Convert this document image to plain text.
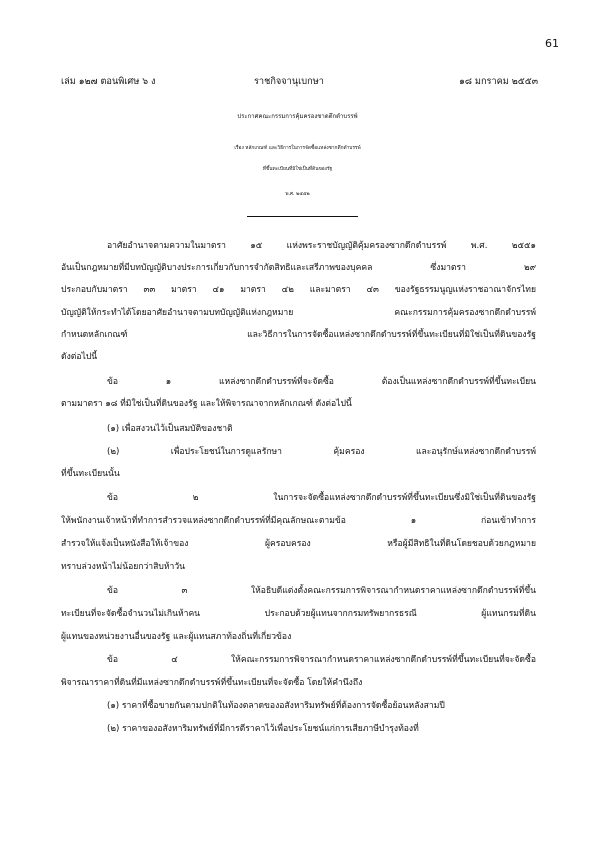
61
เล่ม ๑๒๗ ตอนพิเศษ ๖ ง	ราชกิจจานุเบกษา	๑๘ มกราคม ๒๕๕๓
ประกาศคณะกรรมการคุ้มครองชาดตึกดำบรรพ์
เรื่อง หลักเกณฑ์ และวิธีการในการจัดซื้อแหล่งซากดึกดำบรรพ์
ที่ขึ้นทะเบียนที่มิใช่เป็นที่ดินของรัฐ
พ.ศ. ๒๕๕๒
อาศัยอำนาจตามความในมาตรา ๑๕ แห่งพระราชบัญญัติคุ้มครองซากดึกดำบรรพ์ พ.ศ. ๒๕๕๑
อันเป็นกฎหมายที่มีบทบัญญัติบางประการเกี่ยวกับการจำกัดสิทธิและเสรีภาพของบุคคล ซึ่งมาตรา ๒๙
ประกอบกับมาตรา ๓๓ มาตรา ๔๑ มาตรา ๔๒ และมาตรา ๔๓ ของรัฐธรรมนูญแห่งราชอาณาจักรไทย
บัญญัติให้กระทำได้โดยอาศัยอำนาจตามบทบัญญัติแห่งกฎหมาย คณะกรรมการคุ้มครองซากดึกดำบรรพ์
กำหนดหลักเกณฑ์ และวิธีการในการจัดซื้อแหล่งซากดึกดำบรรพ์ที่ขึ้นทะเบียนที่มิใช่เป็นที่ดินของรัฐ
ดังต่อไปนี้
ข้อ ๑ แหล่งซากดึกดำบรรพ์ที่จะจัดซื้อ ต้องเป็นแหล่งซากดึกดำบรรพ์ที่ขึ้นทะเบียน
ตามมาตรา ๑๘ ที่มิใช่เป็นที่ดินของรัฐ และให้พิจารณาจากหลักเกณฑ์ ดังต่อไปนี้
(๑) เพื่อสงวนไว้เป็นสมบัติของชาติ
(๒) เพื่อประโยชน์ในการดูแลรักษา คุ้มครอง และอนุรักษ์แหล่งซากดึกดำบรรพ์
ที่ขึ้นทะเบียนนั้น
ข้อ ๒ ในการจะจัดซื้อแหล่งซากดึกดำบรรพ์ที่ขึ้นทะเบียนซึ่งมิใช่เป็นที่ดินของรัฐ
ให้พนักงานเจ้าหน้าที่ทำการสำรวจแหล่งซากดึกดำบรรพ์ที่มีคุณลักษณะตามข้อ ๑ ก่อนเข้าทำการ
สำรวจให้แจ้งเป็นหนังสือให้เจ้าของ ผู้ครอบครอง หรือผู้มีสิทธิในที่ดินโดยชอบด้วยกฎหมาย
ทราบล่วงหน้าไม่น้อยกว่าสิบห้าวัน
ข้อ ๓ ให้อธิบดีแต่งตั้งคณะกรรมการพิจารณากำหนดราคาแหล่งซากดึกดำบรรพ์ที่ขึ้น
ทะเบียนที่จะจัดซื้อจำนวนไม่เกินห้าคน ประกอบด้วยผู้แทนจากกรมทรัพยากรธรณี ผู้แทนกรมที่ดิน
ผู้แทนของหน่วยงานอื่นของรัฐ และผู้แทนสภาท้องถิ่นที่เกี่ยวข้อง
ข้อ ๔ ให้คณะกรรมการพิจารณากำหนดราคาแหล่งซากดึกดำบรรพ์ที่ขึ้นทะเบียนที่จะจัดซื้อ
พิจารณาราคาที่ดินที่มีแหล่งซากดึกดำบรรพ์ที่ขึ้นทะเบียนที่จะจัดซื้อ โดยให้คำนึงถึง
(๑) ราคาที่ซื้อขายกันตามปกติในท้องตลาดของอสังหาริมทรัพย์ที่ต้องการจัดซื้อย้อนหลังสามปี
(๒) ราคาของอสังหาริมทรัพย์ที่มีการตีราคาไว้เพื่อประโยชน์แก่การเสียภาษีบำรุงท้องที่
